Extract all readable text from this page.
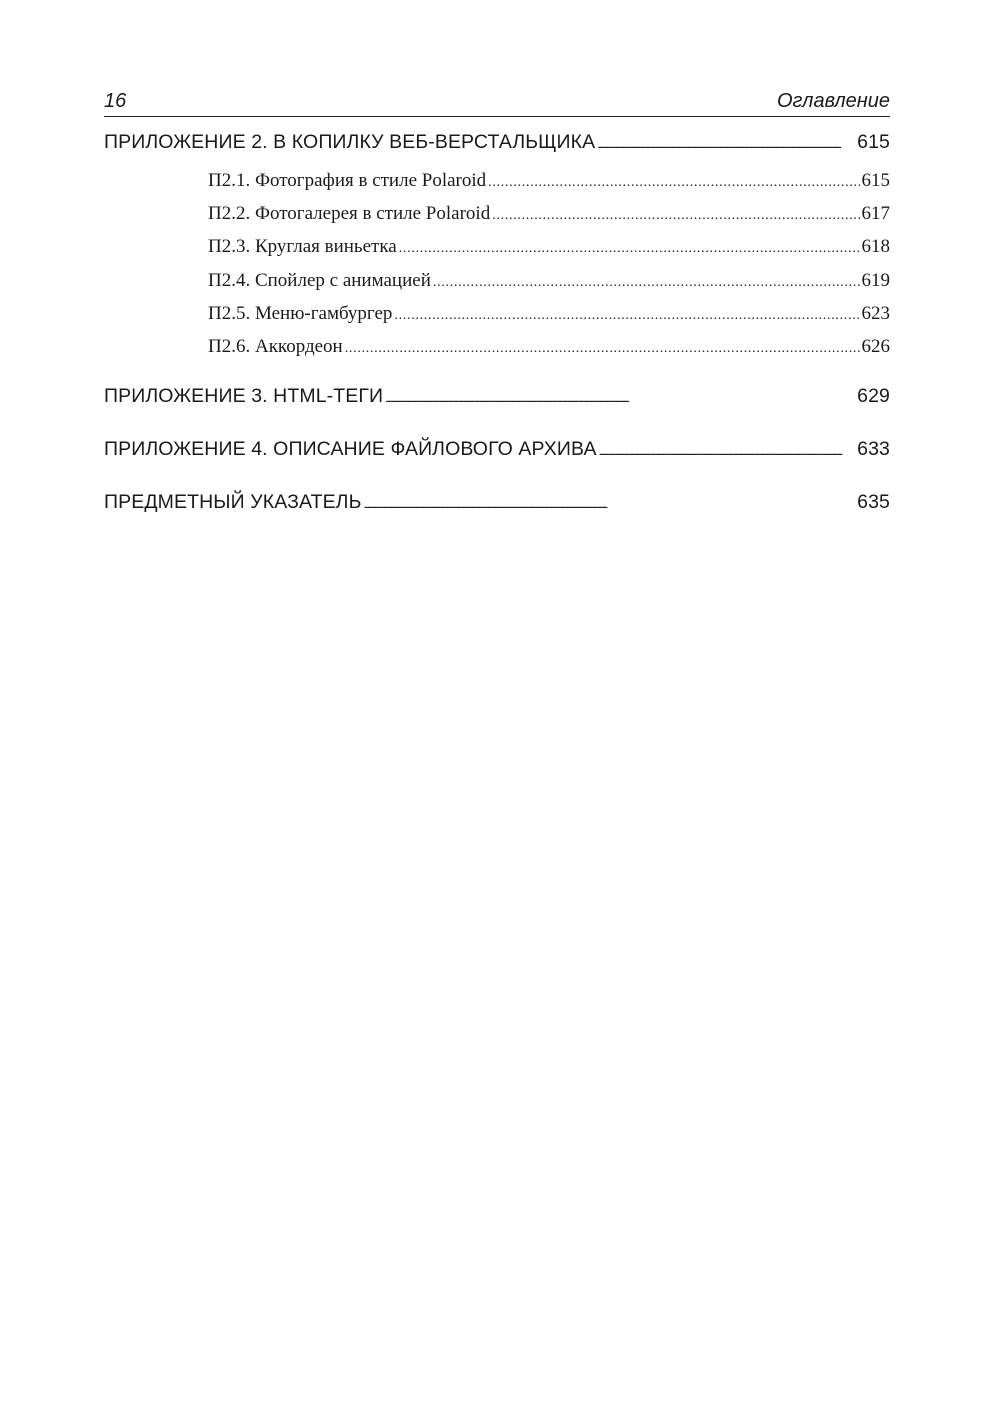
16	Оглавление
ПРИЛОЖЕНИЕ 2. В КОПИЛКУ ВЕБ-ВЕРСТАЛЬЩИКА . . .	615
П2.1. Фотография в стиле Polaroid . . .	615
П2.2. Фотогалерея в стиле Polaroid . . .	617
П2.3. Круглая виньетка . . .	618
П2.4. Спойлер с анимацией . . .	619
П2.5. Меню-гамбургер . . .	623
П2.6. Аккордеон . . .	626
ПРИЛОЖЕНИЕ 3. HTML-ТЕГИ . . .	629
ПРИЛОЖЕНИЕ 4. ОПИСАНИЕ ФАЙЛОВОГО АРХИВА . . .	633
ПРЕДМЕТНЫЙ УКАЗАТЕЛЬ . . .	635
